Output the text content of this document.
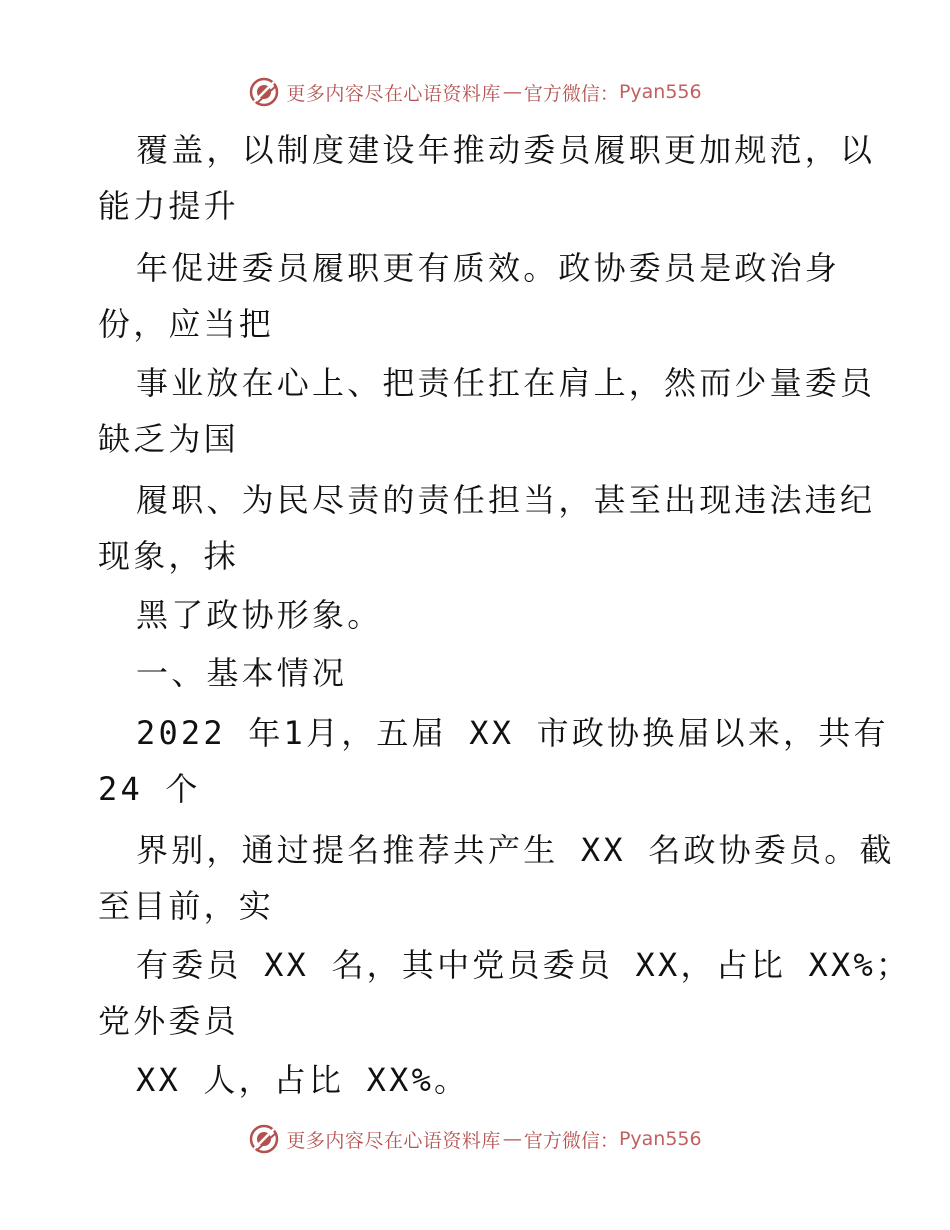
更多内容尽在心语资料库 — 官方微信： Pyan556
覆盖，以制度建设年推动委员履职更加规范，以
能力提升
年促进委员履职更有质效。政协委员是政治身
份，应当把
事业放在心上、把责任扛在肩上，然而少量委员
缺乏为国
履职、为民尽责的责任担当，甚至出现违法违纪
现象，抹
黑了政协形象。
一、基本情况
2022 年1月，五届 XX 市政协换届以来，共有
24 个
界别，通过提名推荐共产生 XX 名政协委员。截
至目前，实
有委员 XX 名，其中党员委员 XX，占比 XX%；
党外委员
XX 人，占比 XX%。
更多内容尽在心语资料库 — 官方微信： Pyan556
